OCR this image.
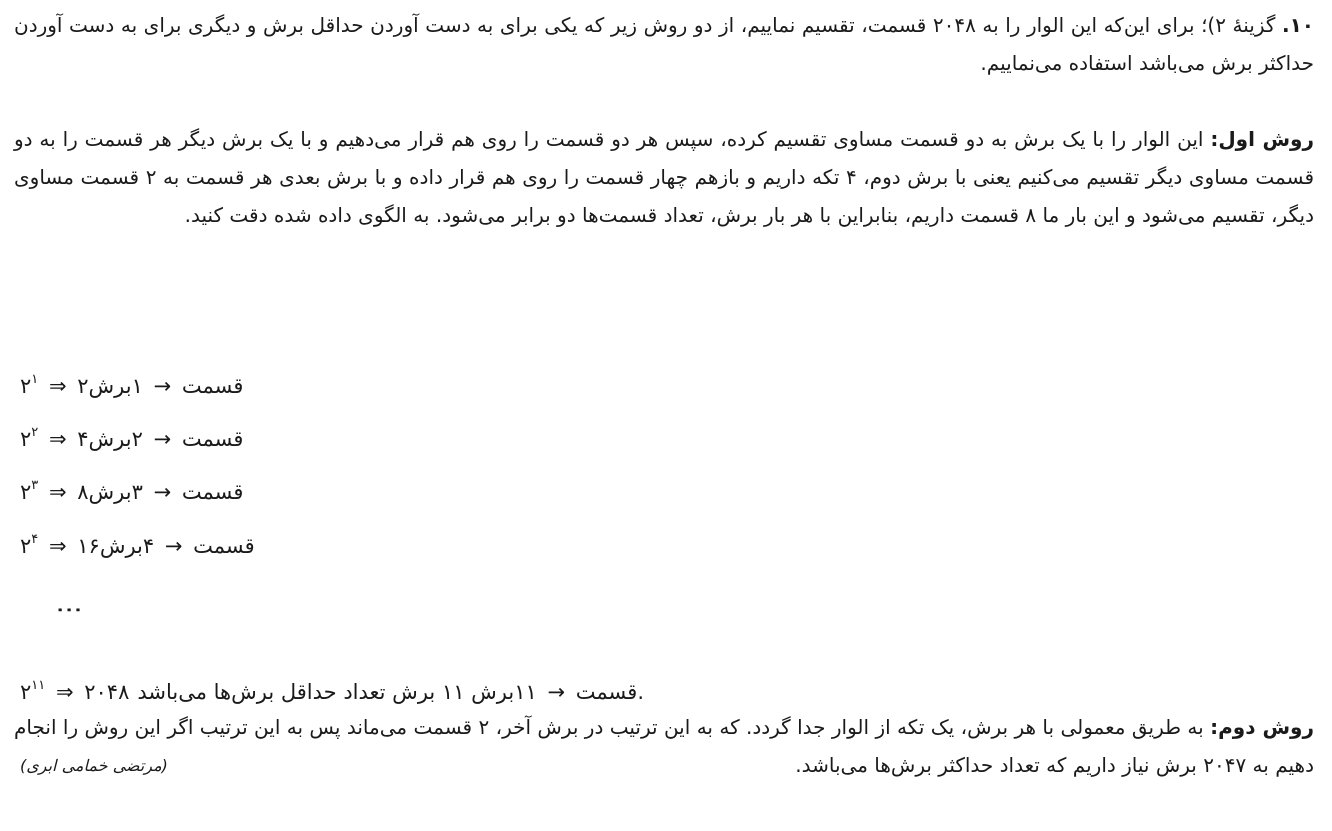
۱۰. گزینهٔ ۲)؛ برای این‌که این الوار را به ۲۰۴۸ قسمت، تقسیم نماییم، از دو روش زیر که یکی برای به دست آوردن حداقل برش و دیگری برای به دست آوردن حداکثر برش می‌باشد استفاده می‌نماییم.
روش اول: این الوار را با یک برش به دو قسمت مساوی تقسیم کرده، سپس هر دو قسمت را روی هم قرار می‌دهیم و با یک برش دیگر هر قسمت را به دو قسمت مساوی دیگر تقسیم می‌کنیم یعنی با برش دوم، ۴ تکه داریم و بازهم چهار قسمت را روی هم قرار داده و با برش بعدی هر قسمت به ۲ قسمت مساوی دیگر، تقسیم می‌شود و این بار ما ۸ قسمت داریم، بنابراین با هر بار برش، تعداد قسمت‌ها دو برابر می‌شود. به الگوی داده شده دقت کنید.
$۲^۱$ ⇒ ۲قسمت → ۱برش
$۲^۲$ ⇒ ۴قسمت → ۲برش
$۲^۳$ ⇒ ۸قسمت → ۳برش
$۲^۴$ ⇒ ۱۶قسمت → ۴برش
⋮
$۲^{۱۱}$ ⇒ ۲۰۴۸قسمت → ۱۱برش ۱۱ برش تعداد حداقل برش‌ها می‌باشد.
روش دوم: به طریق معمولی با هر برش، یک تکه از الوار جدا گردد. که به این ترتیب در برش آخر، ۲ قسمت می‌ماند پس به این ترتیب اگر این روش را انجام دهیم به ۲۰۴۷ برش نیاز داریم که تعداد حداکثر برش‌ها می‌باشد.
(مرتضی خمامی ابری)
